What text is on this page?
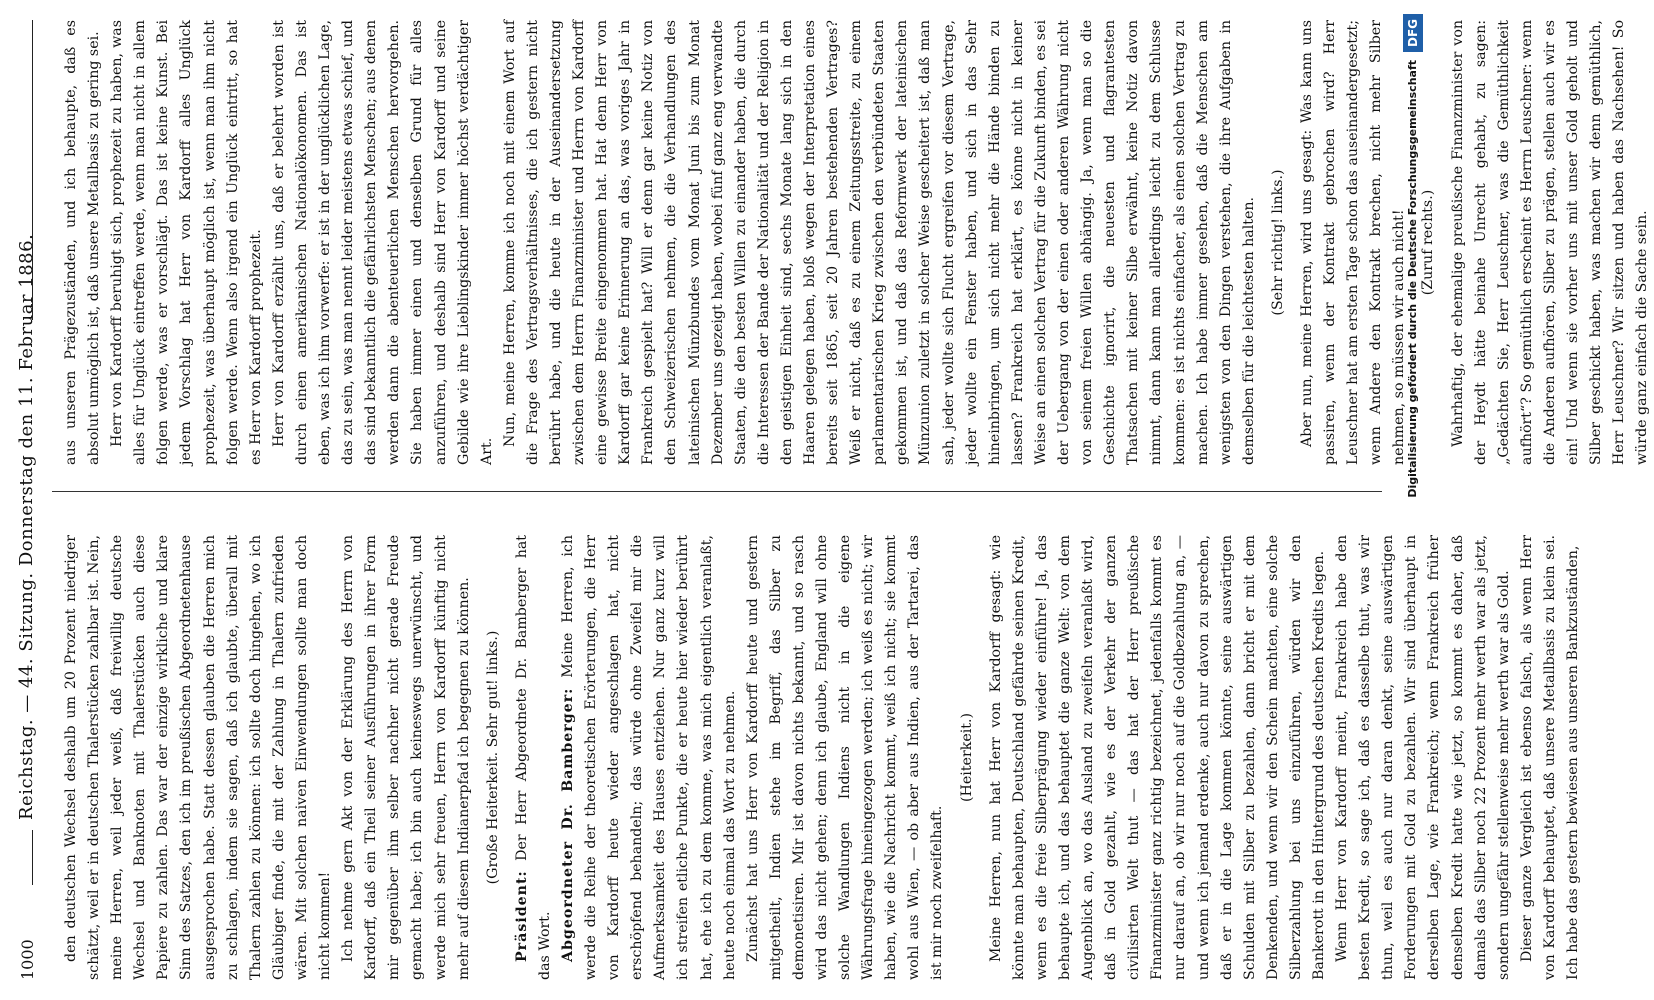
1000
Reichstag. — 44. Sitzung. Donnerstag den 11. Februar 1886. den deutschen Wechsel deshalb um 20 Prozent niedriger schätzt, weil er in deutschen Thalerstücken zahlbar ist. Nein, meine Herren, weil jeder weiß, daß freiwillig deutsche Wechsel und Banknoten mit Thalerstücken auch diese Papiere zu zahlen. Das war der einzige wirkliche und klare Sinn des Satzes, den ich im preußischen Abgeordnetenhause ausgesprochen habe. Statt dessen glauben die Herren mich zu schlagen, indem sie sagen, daß ich glaubte, überall mit Thalern zahlen zu können: ich sollte doch hingehen, wo ich Gläubiger finde, die mit der Zahlung in Thalern zufrieden wären. Mit solchen naiven Einwendungen sollte man doch nicht kommen! Ich nehme gern Akt von der Erklärung des Herrn von Kardorff, daß ein Theil seiner Ausführungen in ihrer Form mir gegenüber ihm selber nachher nicht gerade Freude gemacht habe; ich bin auch keineswegs unerwünscht, und werde mich sehr freuen, Herrn von Kardorff künftig nicht mehr auf diesem Indianerpfad ich begegnen zu können. (Große Heiterkeit. Sehr gut! links.)

Präsident: Der Herr Abgeordnete Dr. Bamberger hat das Wort. Abgeordneter Dr. Bamberger: Meine Herren, ich werde die Reihe der theoretischen Erörterungen, die Herr von Kardorff heute wieder angeschlagen hat, nicht erschöpfend behandeln; das würde ohne Zweifel mir die Aufmerksamkeit des Hauses entziehen. Nur ganz kurz will ich streifen etliche Punkte, die er heute hier wieder berührt hat, ehe ich zu dem komme, was mich eigentlich veranlaßt, heute noch einmal das Wort zu nehmen. Zunächst hat uns Herr von Kardorff heute und gestern mitgetheilt, Indien stehe im Begriff, das Silber zu demonetisiren. Mir ist davon nichts bekannt, und so rasch wird das nicht gehen; denn ich glaube, England will ohne solche Wandlungen Indiens nicht in die eigene Währungsfrage hineingezogen werden; ich weiß es nicht; wir haben, wie die Nachricht kommt, weiß ich nicht; sie kommt wohl aus Wien, — ob aber aus Indien, aus der Tartarei, das ist mir noch zweifelhaft.

(Heiterkeit.) Meine Herren, nun hat Herr von Kardorff gesagt: wie könnte man behaupten, Deutschland gefährde seinen Kredit, wenn es die freie Silberprägung wieder einführe! Ja, das behaupte ich, und das behauptet die ganze Welt: von dem Augenblick an, wo das Ausland zu zweifeln veranlaßt wird, daß in Gold gezahlt, wie es der Verkehr der ganzen civilisirten Welt thut — das hat der Herr preußische Finanzminister ganz richtig bezeichnet, jedenfalls kommt es nur darauf an, ob wir nur noch auf die Goldbezahlung an, — und wenn ich jemand erdenke, auch nur davon zu sprechen, daß er in die Lage kommen könnte, seine auswärtigen Schulden mit Silber zu bezahlen, dann bricht er mit dem Denkenden, und wenn wir den Schein machten, eine solche Silberzahlung bei uns einzuführen, würden wir den Bankerott in den Hintergrund des deutschen Kredits legen. Wenn Herr von Kardorff meint, Frankreich habe den besten Kredit, so sage ich, daß es dasselbe thut, was wir thun, weil es auch nur daran denkt, seine auswärtigen Forderungen mit Gold zu bezahlen. Wir sind überhaupt in derselben Lage, wie Frankreich; wenn Frankreich früher denselben Kredit hatte wie jetzt, so kommt es daher, daß damals das Silber noch 22 Prozent mehr werth war als jetzt, sondern ungefähr stellenweise mehr werth war als Gold. Dieser ganze Vergleich ist ebenso falsch, als wenn Herr von Kardorff behauptet, daß unsere Metallbasis zu klein sei. Ich habe das gestern bewiesen aus unseren Bankzuständen,

aus unseren Prägezuständen, und ich behaupte, daß es absolut unmöglich ist, daß unsere Metallbasis zu gering sei. Herr von Kardorff beruhigt sich, prophezeit zu haben, was alles für Unglück eintreffen werde, wenn man nicht in allem folgen werde, was er vorschlägt. Das ist keine Kunst. Bei jedem Vorschlag hat Herr von Kardorff alles Unglück prophezeit, was überhaupt möglich ist, wenn man ihm nicht folgen werde. Wenn also irgend ein Unglück eintritt, so hat es Herr von Kardorff prophezeit. Herr von Kardorff erzählt uns, daß er belehrt worden ist durch einen amerikanischen Nationalökonomen. Das ist eben, was ich ihm vorwerfe: er ist in der unglücklichen Lage, das zu sein, was man nennt leider meistens etwas schief, und das sind bekanntlich die gefährlichsten Menschen; aus denen werden dann die abenteuerlichen Menschen hervorgehen. Sie haben immer einen und denselben Grund für alles anzuführen, und deshalb sind Herr von Kardorff und seine Gebilde wie ihre Lieblingskinder immer höchst verdächtiger Art.

Nun, meine Herren, komme ich noch mit einem Wort auf die Frage des Vertragsverhältnisses, die ich gestern nicht berührt habe, und die heute in der Auseinandersetzung zwischen dem Herrn Finanzminister und Herrn von Kardorff eine gewisse Breite eingenommen hat. Hat denn Herr von Kardorff gar keine Erinnerung an das, was voriges Jahr in Frankreich gespielt hat? Will er denn gar keine Notiz von den Schweizerischen nehmen, die die Verhandlungen des lateinischen Münzbundes vom Monat Juni bis zum Monat Dezember uns gezeigt haben, wobei fünf ganz eng verwandte Staaten, die den besten Willen zu einander haben, die durch die Interessen der Bande der Nationalität und der Religion in den geistigen Einheit sind, sechs Monate lang sich in den Haaren gelegen haben, bloß wegen der Interpretation eines bereits seit 1865, seit 20 Jahren bestehenden Vertrages? Weiß er nicht, daß es zu einem Zeitungsstreite, zu einem parlamentarischen Krieg zwischen den verbündeten Staaten gekommen ist, und daß das Reformwerk der lateinischen Münzunion zuletzt in solcher Weise gescheitert ist, daß man sah, jeder wollte sich Flucht ergreifen vor diesem Vertrage, jeder wollte ein Fenster haben, und sich in das Sehr hineinbringen, um sich nicht mehr die Hände binden zu lassen? Frankreich hat erklärt, es könne nicht in keiner Weise an einen solchen Vertrag für die Zukunft binden, es sei der Uebergang von der einen oder anderen Währung nicht von seinem freien Willen abhängig. Ja, wenn man so die Geschichte ignorirt, die neuesten und flagrantesten Thatsachen mit keiner Silbe erwähnt, keine Notiz davon nimmt, dann kann man allerdings leicht zu dem Schlusse kommen: es ist nichts einfacher, als einen solchen Vertrag zu machen. Ich habe immer gesehen, daß die Menschen am wenigsten von den Dingen verstehen, die ihre Aufgaben in demselben für die leichtesten halten. (Sehr richtig! links.) Aber nun, meine Herren, wird uns gesagt: Was kann uns passiren, wenn der Kontrakt gebrochen wird? Herr Leuschner hat am ersten Tage schon das auseinandergesetzt; wenn Andere den Kontrakt brechen, nicht mehr Silber nehmen, so müssen wir auch nicht! (Zuruf rechts.) Wahrhaftig, der ehemalige preußische Finanzminister von der Heydt hätte beinahe Unrecht gehabt, zu sagen: „Gedächten Sie, Herr Leuschner, was die Gemüthlichkeit aufhört“? So gemüthlich erscheint es Herrn Leuschner: wenn die Anderen aufhören, Silber zu prägen, stellen auch wir es ein! Und wenn sie vorher uns mit unser Gold geholt und Silber geschickt haben, was machen wir denn gemüthlich, Herr Leuschner? Wir sitzen und haben das Nachsehen! So würde ganz einfach die Sache sein.

Digitalisierung gefördert durch die Deutsche Forschungsgemeinschaft
DFG
